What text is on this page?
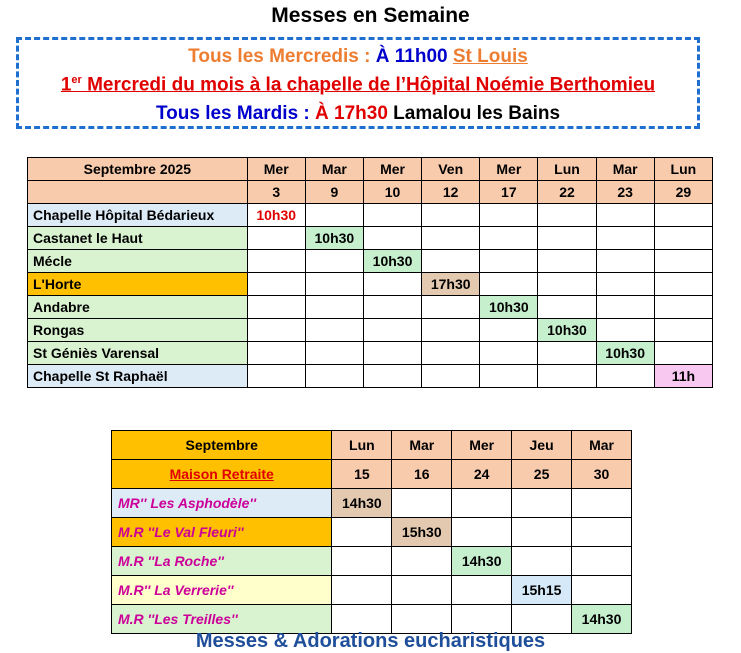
Messes en Semaine
Tous les Mercredis : À 11h00 St Louis
1er Mercredi du mois à la chapelle de l’Hôpital Noémie Berthomieu
Tous les Mardis : À 17h30 Lamalou les Bains
Septembre 2025	Mer	Mar	Mer	Ven	Mer	Lun	Mar	Lun
	3	9	10	12	17	22	23	29
Chapelle Hôpital Bédarieux	10h30							
Castanet le Haut		10h30						
Mécle			10h30					
L'Horte				17h30				
Andabre					10h30			
Rongas						10h30		
St Géniès Varensal							10h30	
Chapelle St Raphaël								11h
Septembre	Lun	Mar	Mer	Jeu	Mar
Maison Retraite	15	16	24	25	30
MR'' Les Asphodèle''	14h30				
M.R ''Le Val Fleuri''		15h30			
M.R ''La Roche''			14h30		
M.R'' La Verrerie''				15h15	
M.R ''Les Treilles''					14h30
Messes & Adorations eucharistiques
